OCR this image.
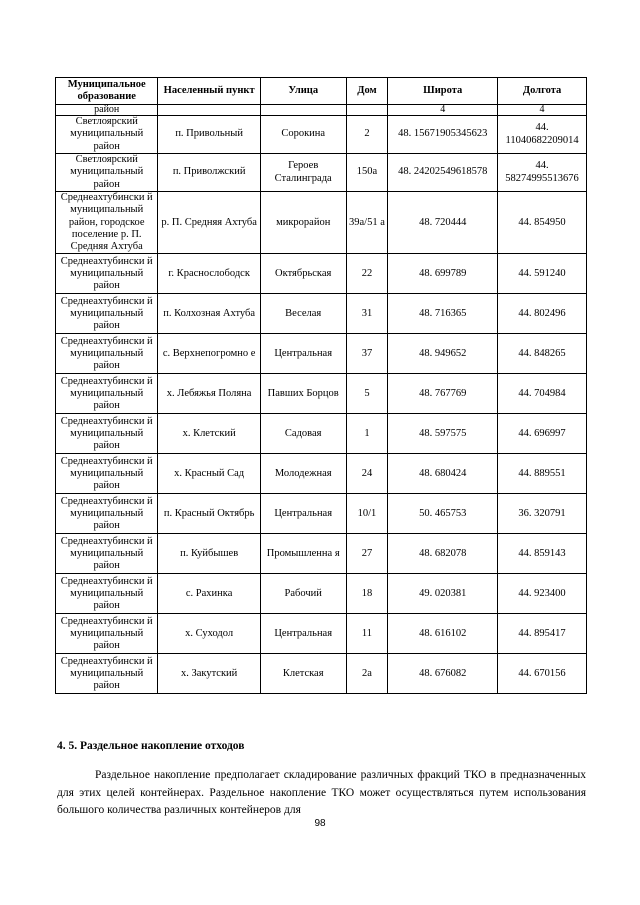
Муниципальное образование	Населенный пункт	Улица	Дом	Широта	Долгота
район				4	4
Светлоярский муниципальный район	п. Привольный	Сорокина	2	48. 15671905345623	44. 11040682209014
Светлоярский муниципальный район	п. Приволжский	Героев Сталинграда	150а	48. 24202549618578	44. 58274995513676
Среднеахтубински й муниципальный район, городское поселение р. П. Средняя Ахтуба	р. П. Средняя Ахтуба	микрорайон	39а/51 а	48. 720444	44. 854950
Среднеахтубински й муниципальный район	г. Краснослободск	Октябрьская	22	48. 699789	44. 591240
Среднеахтубински й муниципальный район	п. Колхозная Ахтуба	Веселая	31	48. 716365	44. 802496
Среднеахтубински й муниципальный район	с. Верхнепогромно е	Центральная	37	48. 949652	44. 848265
Среднеахтубински й муниципальный район	х. Лебяжья Поляна	Павших Борцов	5	48. 767769	44. 704984
Среднеахтубински й муниципальный район	х. Клетский	Садовая	1	48. 597575	44. 696997
Среднеахтубински й муниципальный район	х. Красный Сад	Молодежная	24	48. 680424	44. 889551
Среднеахтубински й муниципальный район	п. Красный Октябрь	Центральная	10/1	50. 465753	36. 320791
Среднеахтубински й муниципальный район	п. Куйбышев	Промышленна я	27	48. 682078	44. 859143
Среднеахтубински й муниципальный район	с. Рахинка	Рабочий	18	49. 020381	44. 923400
Среднеахтубински й муниципальный район	х. Суходол	Центральная	11	48. 616102	44. 895417
Среднеахтубински й муниципальный район	х. Закутский	Клетская	2а	48. 676082	44. 670156
4. 5. Раздельное накопление отходов

Раздельное накопление предполагает складирование различных фракций ТКО в предназначенных для этих целей контейнерах. Раздельное накопление ТКО может осуществляться путем использования большого количества различных контейнеров для

98
